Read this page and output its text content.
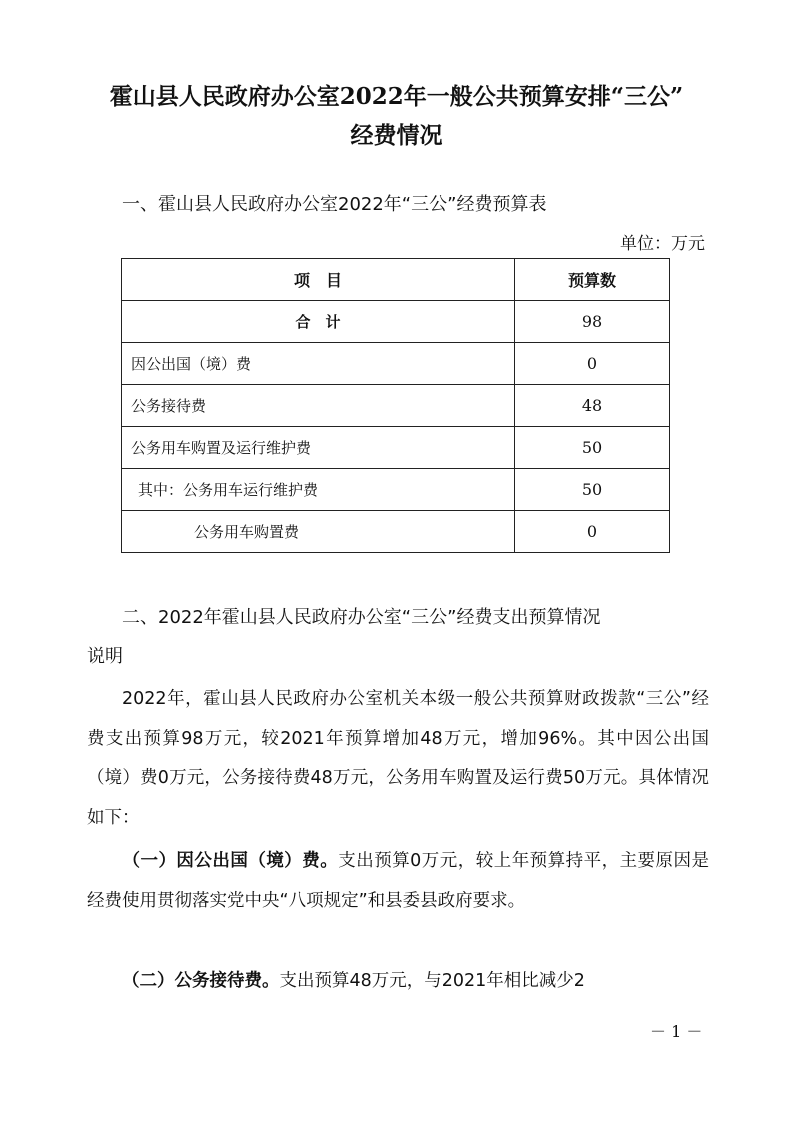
霍山县人民政府办公室2022年一般公共预算安排“三公”
经费情况
一、霍山县人民政府办公室2022年“三公”经费预算表
单位：万元
项　目	预算数
合　计	98
因公出国（境）费	0
公务接待费	48
公务用车购置及运行维护费	50
其中：公务用车运行维护费	50
公务用车购置费	0
二、2022年霍山县人民政府办公室“三公”经费支出预算情况
说明
2022年，霍山县人民政府办公室机关本级一般公共预算财政拨款“三公”经费支出预算98万元，较2021年预算增加48万元，增加96%。其中因公出国（境）费0万元，公务接待费48万元，公务用车购置及运行费50万元。具体情况如下：
（一）因公出国（境）费。支出预算0万元，较上年预算持平，主要原因是经费使用贯彻落实党中央“八项规定”和县委县政府要求。
（二）公务接待费。支出预算48万元，与2021年相比减少2
－ 1 －
